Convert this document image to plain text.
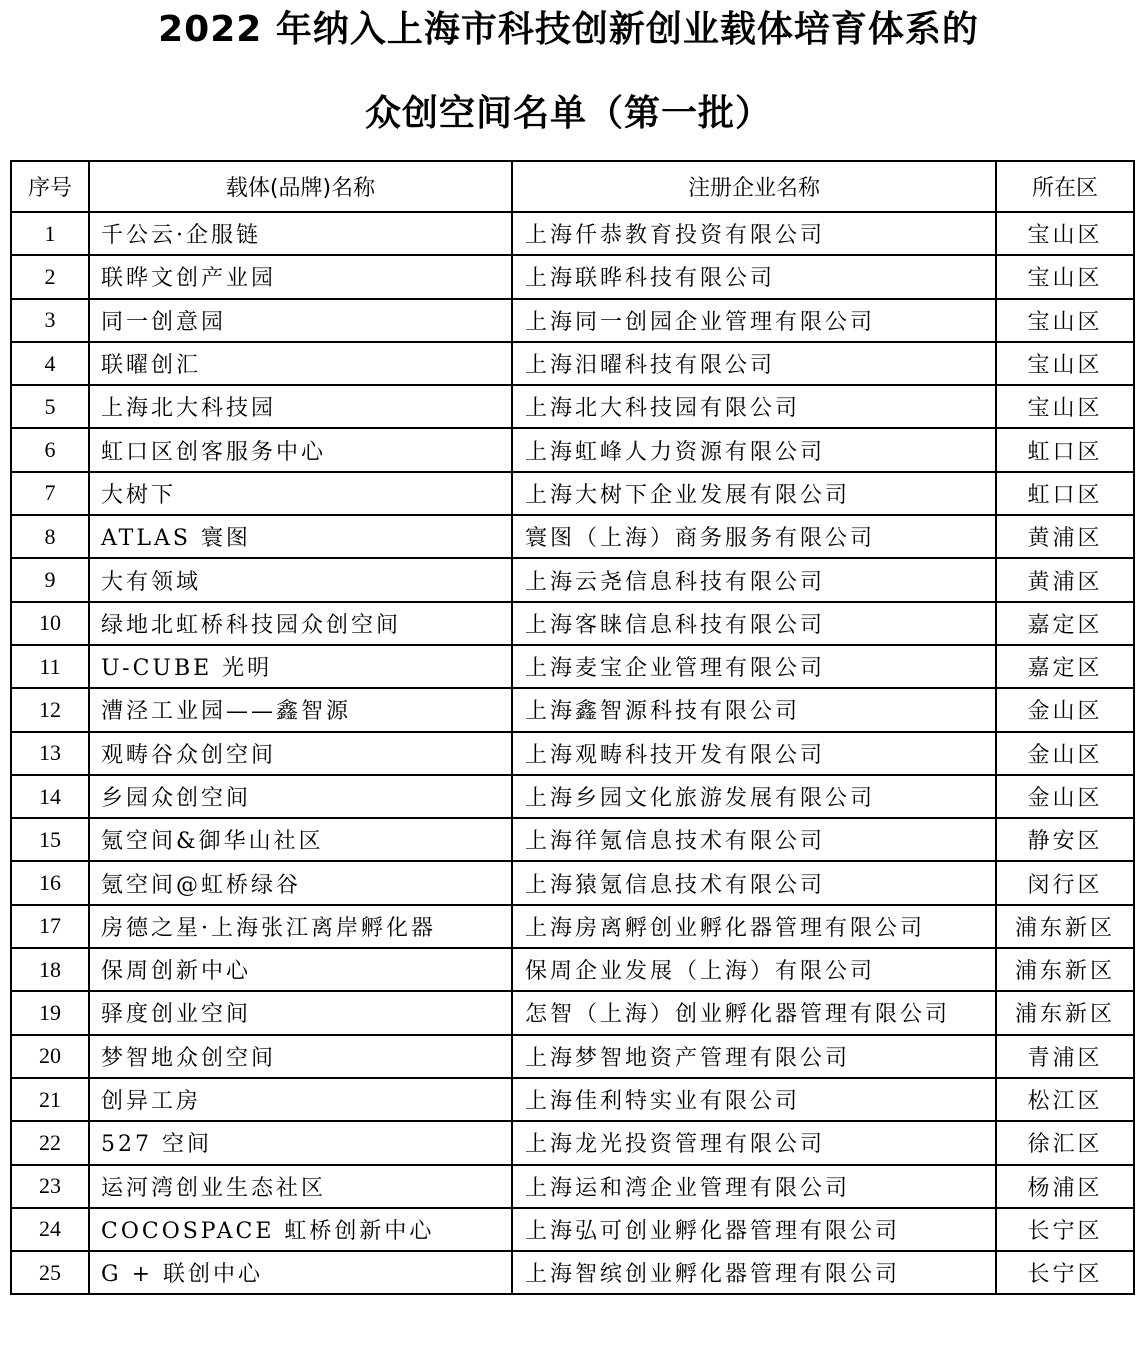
2022 年纳入上海市科技创新创业载体培育体系的
众创空间名单（第一批）
序号	载体(品牌)名称	注册企业名称	所在区
1	千公云·企服链	上海仟恭教育投资有限公司	宝山区
2	联晔文创产业园	上海联晔科技有限公司	宝山区
3	同一创意园	上海同一创园企业管理有限公司	宝山区
4	联曜创汇	上海汨曜科技有限公司	宝山区
5	上海北大科技园	上海北大科技园有限公司	宝山区
6	虹口区创客服务中心	上海虹峰人力资源有限公司	虹口区
7	大树下	上海大树下企业发展有限公司	虹口区
8	ATLAS 寰图	寰图（上海）商务服务有限公司	黄浦区
9	大有领域	上海云尧信息科技有限公司	黄浦区
10	绿地北虹桥科技园众创空间	上海客睐信息科技有限公司	嘉定区
11	U-CUBE 光明	上海麦宝企业管理有限公司	嘉定区
12	漕泾工业园——鑫智源	上海鑫智源科技有限公司	金山区
13	观畴谷众创空间	上海观畴科技开发有限公司	金山区
14	乡园众创空间	上海乡园文化旅游发展有限公司	金山区
15	氪空间&御华山社区	上海徉氪信息技术有限公司	静安区
16	氪空间@虹桥绿谷	上海猿氪信息技术有限公司	闵行区
17	房德之星·上海张江离岸孵化器	上海房离孵创业孵化器管理有限公司	浦东新区
18	保周创新中心	保周企业发展（上海）有限公司	浦东新区
19	驿度创业空间	怎智（上海）创业孵化器管理有限公司	浦东新区
20	梦智地众创空间	上海梦智地资产管理有限公司	青浦区
21	创异工房	上海佳利特实业有限公司	松江区
22	527 空间	上海龙光投资管理有限公司	徐汇区
23	运河湾创业生态社区	上海运和湾企业管理有限公司	杨浦区
24	COCOSPACE 虹桥创新中心	上海弘可创业孵化器管理有限公司	长宁区
25	G + 联创中心	上海智缤创业孵化器管理有限公司	长宁区
